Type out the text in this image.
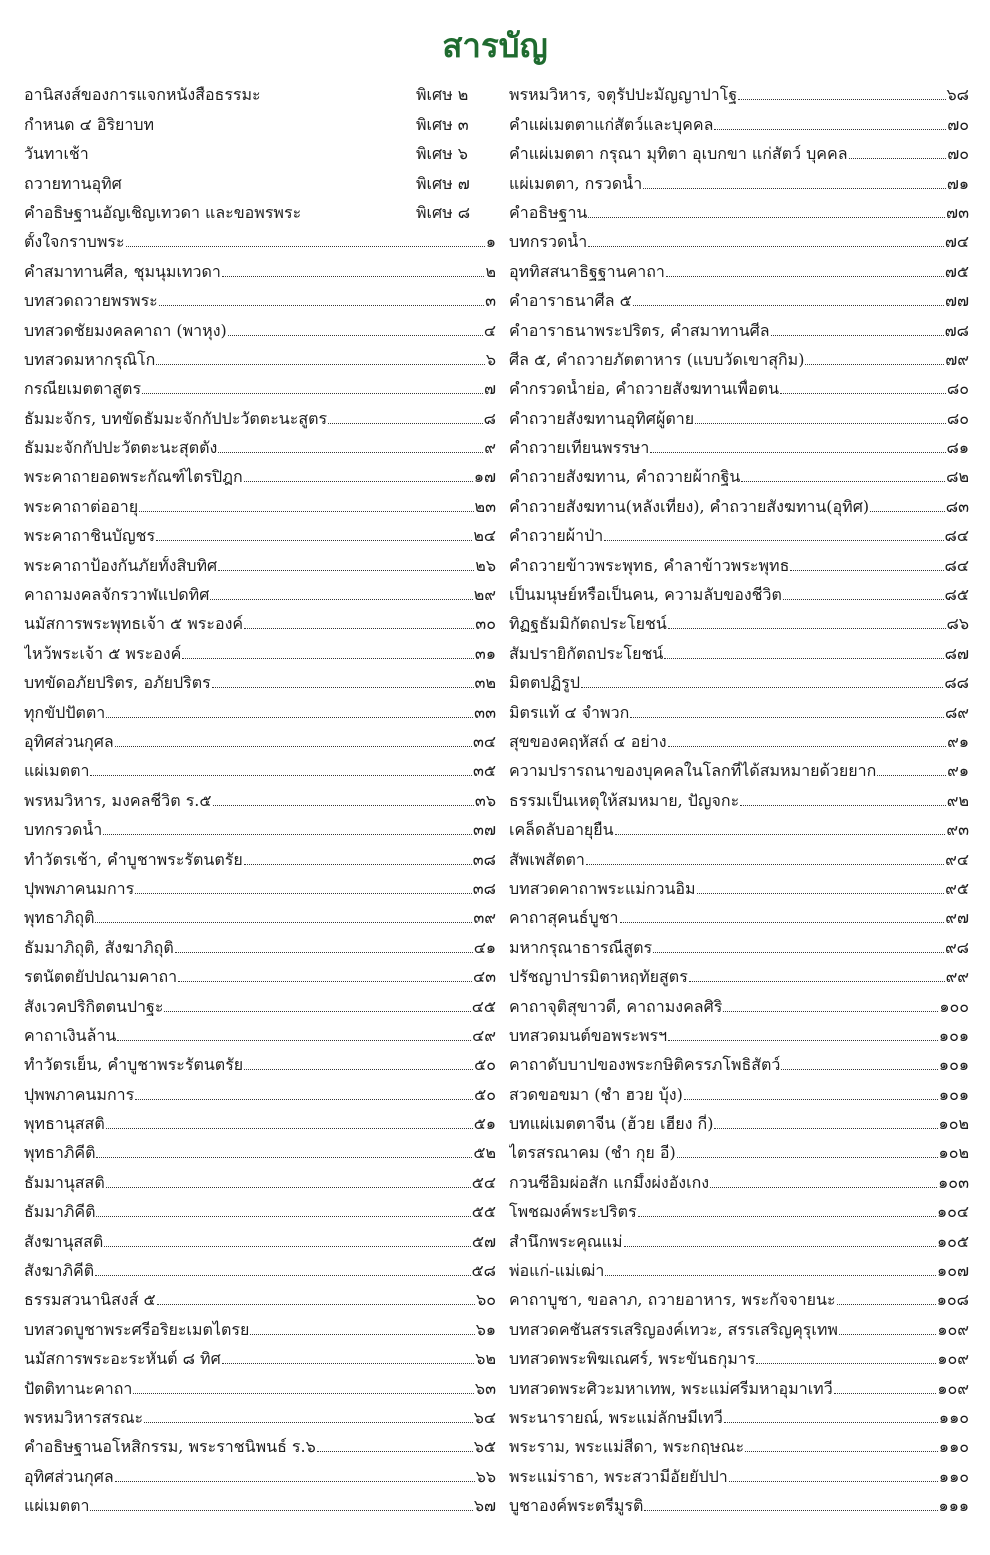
สารบัญ
อานิสงส์ของการแจกหนังสือธรรมะ	พิเศษ ๒
กำหนด ๔ อิริยาบท	พิเศษ ๓
วันทาเช้า	พิเศษ ๖
ถวายทานอุทิศ	พิเศษ ๗
คำอธิษฐานอัญเชิญเทวดา และขอพรพระ	พิเศษ ๘
ตั้งใจกราบพระ	๑
คำสมาทานศีล, ชุมนุมเทวดา	๒
บทสวดถวายพรพระ	๓
บทสวดชัยมงคลคาถา (พาหุง)	๔
บทสวดมหากรุณิโก	๖
กรณียเมตตาสูตร	๗
ธัมมะจักร, บทขัดธัมมะจักกัปปะวัตตะนะสูตร	๘
ธัมมะจักกัปปะวัตตะนะสุตตัง	๙
พระคาถายอดพระกัณฑ์ไตรปิฎก	๑๗
พระคาถาต่ออายุ	๒๓
พระคาถาชินบัญชร	๒๔
พระคาถาป้องกันภัยทั้งสิบทิศ	๒๖
คาถามงคลจักรวาฬแปดทิศ	๒๙
นมัสการพระพุทธเจ้า ๕ พระองค์	๓๐
ไหว้พระเจ้า ๕ พระองค์	๓๑
บทขัดอภัยปริตร, อภัยปริตร	๓๒
ทุกขัปปัตตา	๓๓
อุทิศส่วนกุศล	๓๔
แผ่เมตตา	๓๕
พรหมวิหาร, มงคลชีวิต ร.๕	๓๖
บทกรวดน้ำ	๓๗
ทำวัตรเช้า, คำบูชาพระรัตนตรัย	๓๘
ปุพพภาคนมการ	๓๘
พุทธาภิถุติ	๓๙
ธัมมาภิถุติ, สังฆาภิถุติ	๔๑
รตนัตตยัปปณามคาถา	๔๓
สังเวคปริกิตตนปาฐะ	๔๕
คาถาเงินล้าน	๔๙
ทำวัตรเย็น, คำบูชาพระรัตนตรัย	๕๐
ปุพพภาคนมการ	๕๐
พุทธานุสสติ	๕๑
พุทธาภิคีติ	๕๒
ธัมมานุสสติ	๕๔
ธัมมาภิคีติ	๕๕
สังฆานุสสติ	๕๗
สังฆาภิคีติ	๕๘
ธรรมสวนานิสงส์ ๕	๖๐
บทสวดบูชาพระศรีอริยะเมตไตรย	๖๑
นมัสการพระอะระหันต์ ๘ ทิศ	๖๒
ปัตติทานะคาถา	๖๓
พรหมวิหารสรณะ	๖๔
คำอธิษฐานอโหสิกรรม, พระราชนิพนธ์ ร.๖	๖๕
อุทิศส่วนกุศล	๖๖
แผ่เมตตา	๖๗
พรหมวิหาร, จตุรัปปะมัญญาปาโฐ	๖๘
คำแผ่เมตตาแก่สัตว์และบุคคล	๗๐
คำแผ่เมตตา กรุณา มุทิตา อุเบกขา แก่สัตว์ บุคคล	๗๐
แผ่เมตตา, กรวดน้ำ	๗๑
คำอธิษฐาน	๗๓
บทกรวดน้ำ	๗๔
อุททิสสนาธิฐฐานคาถา	๗๕
คำอาราธนาศีล ๕	๗๗
คำอาราธนาพระปริตร, คำสมาทานศีล	๗๘
ศีล ๕, คำถวายภัตตาหาร (แบบวัดเขาสุกิม)	๗๙
คำกรวดน้ำย่อ, คำถวายสังฆทานเพื่อตน	๘๐
คำถวายสังฆทานอุทิศผู้ตาย	๘๐
คำถวายเทียนพรรษา	๘๑
คำถวายสังฆทาน, คำถวายผ้ากฐิน	๘๒
คำถวายสังฆทาน(หลังเที่ยง), คำถวายสังฆทาน(อุทิศ)	๘๓
คำถวายผ้าป่า	๘๔
คำถวายข้าวพระพุทธ, คำลาข้าวพระพุทธ	๘๔
เป็นมนุษย์หรือเป็นคน, ความลับของชีวิต	๘๕
ทิฏฐธัมมิกัตถประโยชน์	๘๖
สัมปรายิกัตถประโยชน์	๘๗
มิตตปฏิรูป	๘๘
มิตรแท้ ๔ จำพวก	๘๙
สุขของคฤหัสถ์ ๔ อย่าง	๙๑
ความปรารถนาของบุคคลในโลกที่ได้สมหมายด้วยยาก	๙๑
ธรรมเป็นเหตุให้สมหมาย, ปัญจกะ	๙๒
เคล็ดลับอายุยืน	๙๓
สัพเพสัตตา	๙๔
บทสวดคาถาพระแม่กวนอิม	๙๕
คาถาสุคนธ์บูชา	๙๗
มหากรุณาธารณีสูตร	๙๘
ปรัชญาปารมิตาหฤทัยสูตร	๙๙
คาถาจุติสุขาวดี, คาถามงคลศิริ	๑๐๐
บทสวดมนต์ขอพระพรฯ	๑๐๑
คาถาดับบาปของพระกษิติครรภโพธิสัตว์	๑๐๑
สวดขอขมา (ชำ ฮวย บุ้ง)	๑๐๑
บทแผ่เมตตาจีน (ฮ้วย เฮียง กี่)	๑๐๒
ไตรสรณาคม (ชำ กุย อี)	๑๐๒
กวนซีอิมผ่อสัก แกมึ้งผ่งอังเกง	๑๐๓
โพชฌงค์พระปริตร	๑๐๔
สำนึกพระคุณแม่	๑๐๕
พ่อแก่-แม่เฒ่า	๑๐๗
คาถาบูชา, ขอลาภ, ถวายอาหาร, พระกัจจายนะ	๑๐๘
บทสวดคชันสรรเสริญองค์เทวะ, สรรเสริญคุรุเทพ	๑๐๙
บทสวดพระพิฆเณศร์, พระขันธกุมาร	๑๐๙
บทสวดพระศิวะมหาเทพ, พระแม่ศรีมหาอุมาเทวี	๑๐๙
พระนารายณ์, พระแม่ลักษมีเทวี	๑๑๐
พระราม, พระแม่สีดา, พระกฤษณะ	๑๑๐
พระแม่ราธา, พระสวามีอัยยัปปา	๑๑๐
บูชาองค์พระตรีมูรติ	๑๑๑
